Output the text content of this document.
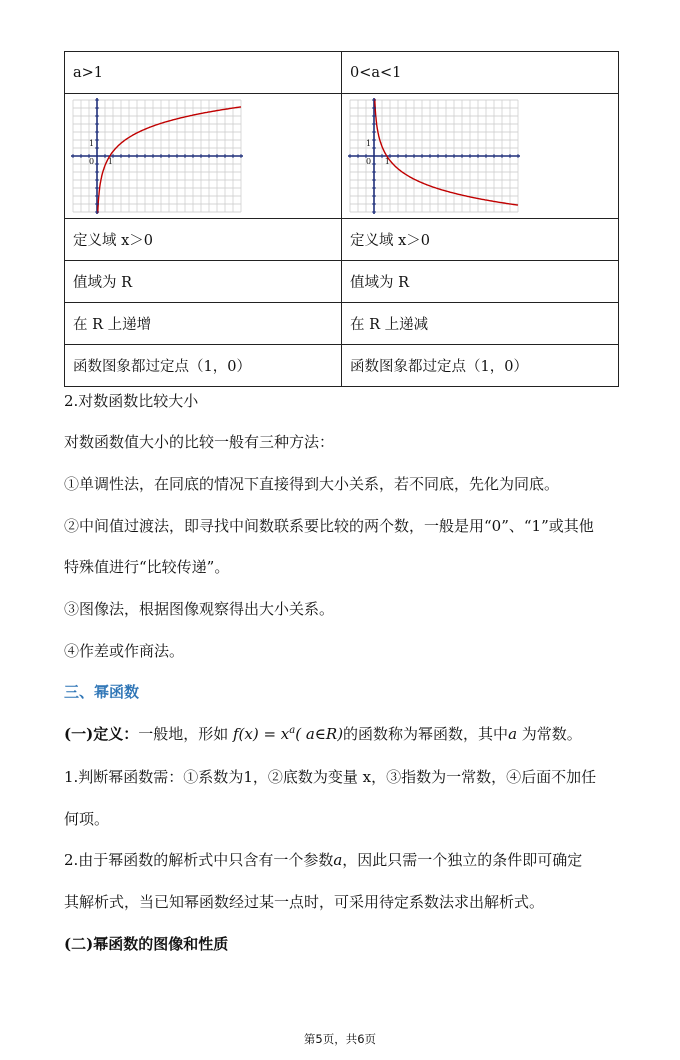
a>1	0<a<1

0 1
1	0 1
1

定义域 x＞0	定义域 x＞0
值域为 R	值域为 R
在 R 上递增	在 R 上递减
函数图象都过定点（1，0）	函数图象都过定点（1，0）
2.对数函数比较大小
对数函数值大小的比较一般有三种方法：
①单调性法，在同底的情况下直接得到大小关系，若不同底，先化为同底。
②中间值过渡法，即寻找中间数联系要比较的两个数，一般是用“0”、“1”或其他
特殊值进行“比较传递”。
③图像法，根据图像观察得出大小关系。
④作差或作商法。
三、幂函数
(一)定义：一般地，形如 $f(x) = x^a$( a∈R)的函数称为幂函数，其中a 为常数。
1.判断幂函数需：①系数为1，②底数为变量 x，③指数为一常数，④后面不加任
何项。
2.由于幂函数的解析式中只含有一个参数a，因此只需一个独立的条件即可确定
其解析式，当已知幂函数经过某一点时，可采用待定系数法求出解析式。
(二)幂函数的图像和性质
第5页，共6页
